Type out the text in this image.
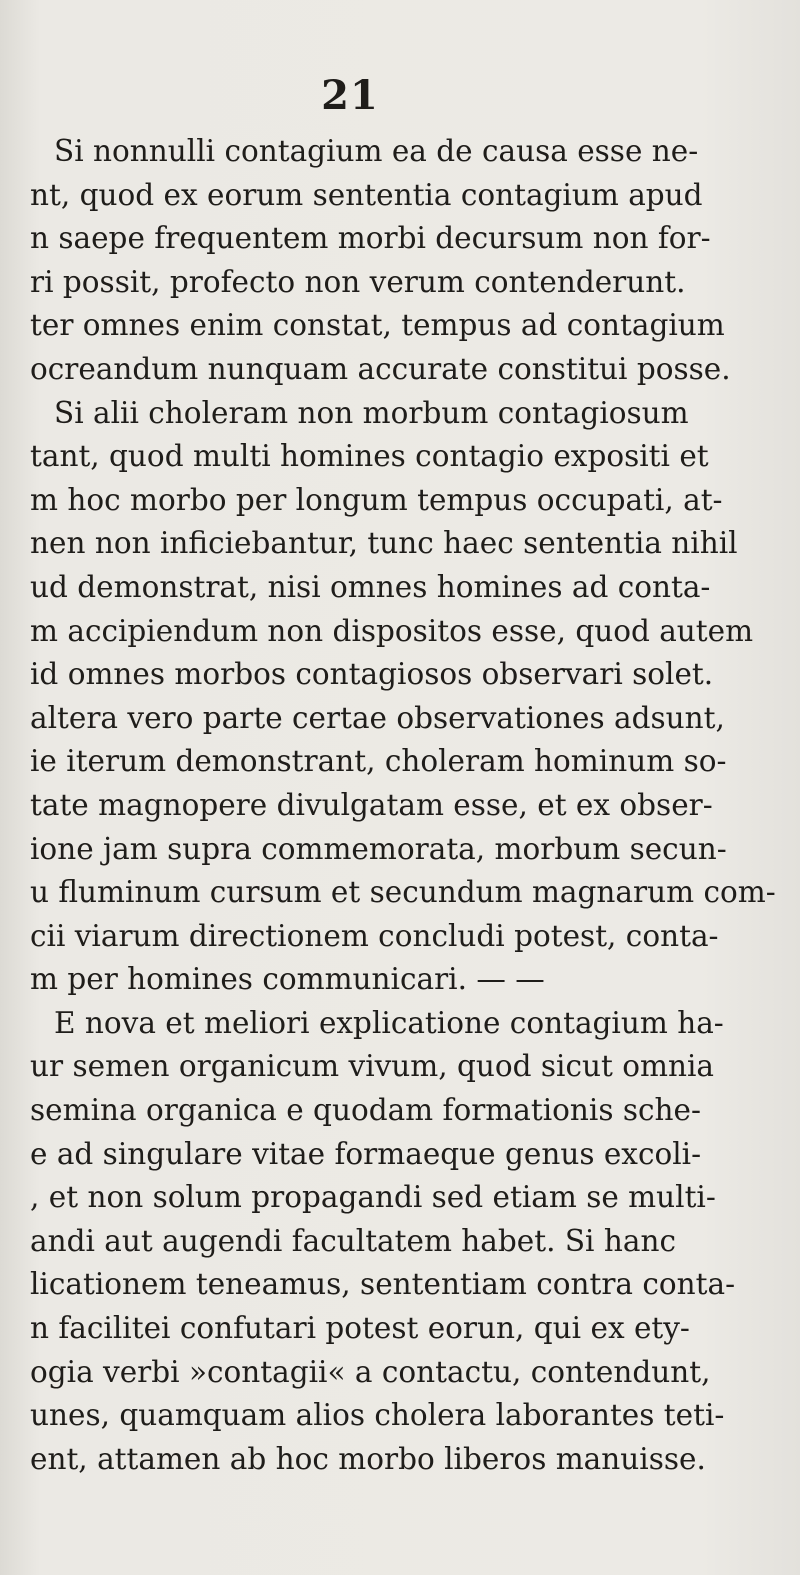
21
Si nonnulli contagium ea de causa esse ne-
nt, quod ex eorum sententia contagium apud
n saepe frequentem morbi decursum non for-
ri possit, profecto non verum contenderunt.
ter omnes enim constat, tempus ad contagium
ocreandum nunquam accurate constitui posse.
Si alii choleram non morbum contagiosum
tant, quod multi homines contagio expositi et
m hoc morbo per longum tempus occupati, at-
nen non inficiebantur, tunc haec sententia nihil
ud demonstrat, nisi omnes homines ad conta-
m accipiendum non dispositos esse, quod autem
id omnes morbos contagiosos observari solet.
altera vero parte certae observationes adsunt,
ie iterum demonstrant, choleram hominum so-
tate magnopere divulgatam esse, et ex obser-
ione jam supra commemorata, morbum secun-
u fluminum cursum et secundum magnarum com-
cii viarum directionem concludi potest, conta-
m per homines communicari. — —
E nova et meliori explicatione contagium ha-
ur semen organicum vivum, quod sicut omnia
semina organica e quodam formationis sche-
e ad singulare vitae formaeque genus excoli-
, et non solum propagandi sed etiam se multi-
andi aut augendi facultatem habet. Si hanc
licationem teneamus, sententiam contra conta-
n facilitei confutari potest eorun, qui ex ety-
ogia verbi »contagii« a contactu, contendunt,
unes, quamquam alios cholera laborantes teti-
ent, attamen ab hoc morbo liberos manuisse.
